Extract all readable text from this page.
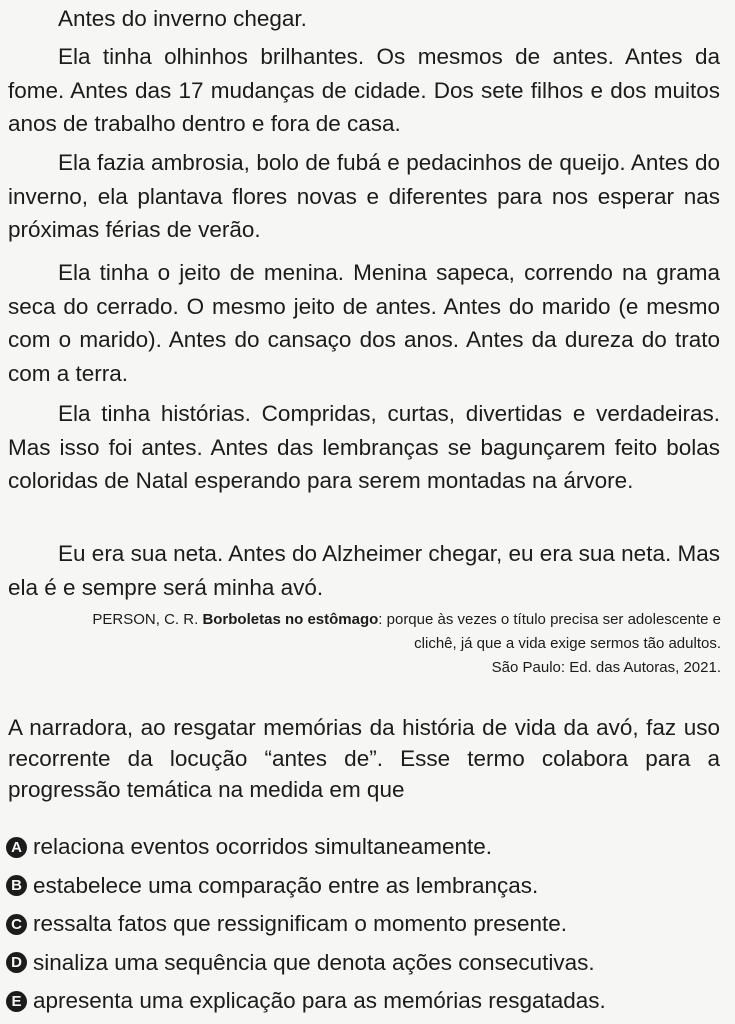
Antes do inverno chegar.

Ela tinha olhinhos brilhantes. Os mesmos de antes. Antes da fome. Antes das 17 mudanças de cidade. Dos sete filhos e dos muitos anos de trabalho dentro e fora de casa.

Ela fazia ambrosia, bolo de fubá e pedacinhos de queijo. Antes do inverno, ela plantava flores novas e diferentes para nos esperar nas próximas férias de verão.

Ela tinha o jeito de menina. Menina sapeca, correndo na grama seca do cerrado. O mesmo jeito de antes. Antes do marido (e mesmo com o marido). Antes do cansaço dos anos. Antes da dureza do trato com a terra.

Ela tinha histórias. Compridas, curtas, divertidas e verdadeiras. Mas isso foi antes. Antes das lembranças se bagunçarem feito bolas coloridas de Natal esperando para serem montadas na árvore.

Eu era sua neta. Antes do Alzheimer chegar, eu era sua neta. Mas ela é e sempre será minha avó.

PERSON, C. R. Borboletas no estômago: porque às vezes o título precisa ser adolescente e clichê, já que a vida exige sermos tão adultos.
São Paulo: Ed. das Autoras, 2021.

A narradora, ao resgatar memórias da história de vida da avó, faz uso recorrente da locução “antes de”. Esse termo colabora para a progressão temática na medida em que

A relaciona eventos ocorridos simultaneamente.
B estabelece uma comparação entre as lembranças.
C ressalta fatos que ressignificam o momento presente.
D sinaliza uma sequência que denota ações consecutivas.
E apresenta uma explicação para as memórias resgatadas.
